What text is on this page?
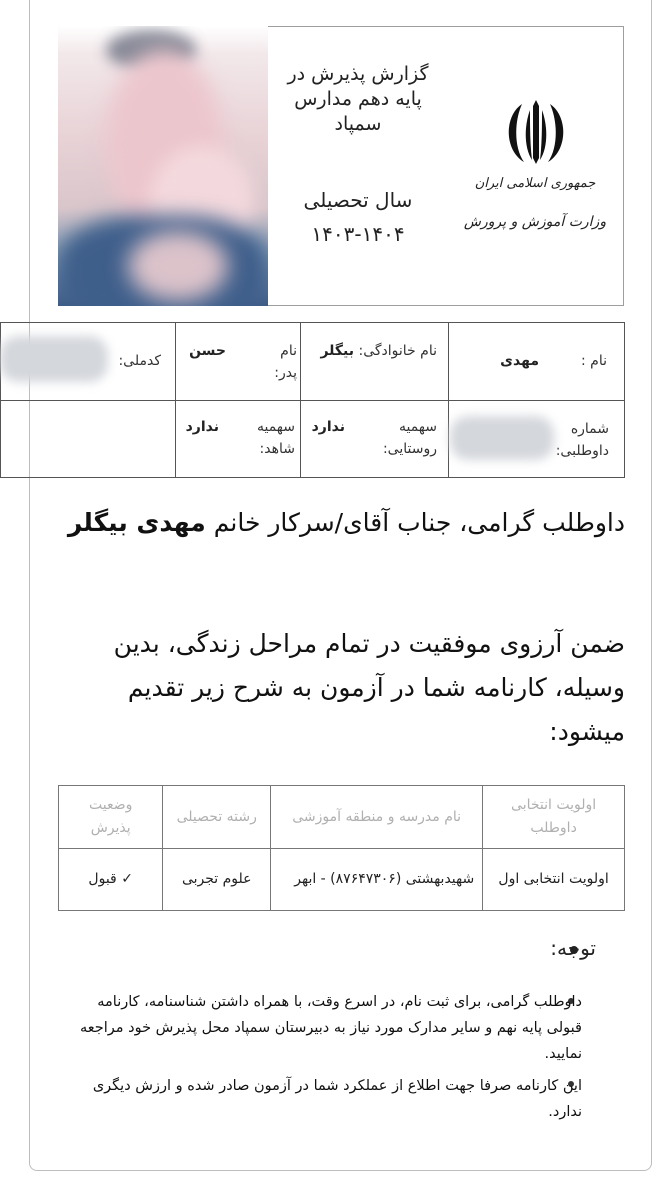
گزارش پذیرش در
پایه دهم مدارس
سمپاد
سال تحصیلی
۱۴۰۳-۱۴۰۴
جمهوری اسلامی ایران
وزارت آموزش و پرورش
نام :
مهدی
نام خانوادگی:
بیگلر
نام پدر:
حسن
کدملی:
شماره داوطلبی:
سهمیه روستایی:
ندارد
سهمیه شاهد:
ندارد
داوطلب گرامی، جناب آقای/سرکار خانم مهدی بیگلر
ضمن آرزوی موفقیت در تمام مراحل زندگی، بدین وسیله، کارنامه شما در آزمون به شرح زیر تقدیم میشود:
اولویت انتخابی داوطلب	نام مدرسه و منطقه آموزشی	رشته تحصیلی	وضعیت پذیرش
اولویت انتخابی اول	شهیدبهشتی (۸۷۶۴۷۳۰۶) - ابهر	علوم تجربی	✓ قبول
توجه:
داوطلب گرامی، برای ثبت نام، در اسرع وقت، با همراه داشتن شناسنامه، کارنامه قبولی پایه نهم و سایر مدارک مورد نیاز به دبیرستان سمپاد محل پذیرش خود مراجعه نمایید.
این کارنامه صرفا جهت اطلاع از عملکرد شما در آزمون صادر شده و ارزش دیگری ندارد.
